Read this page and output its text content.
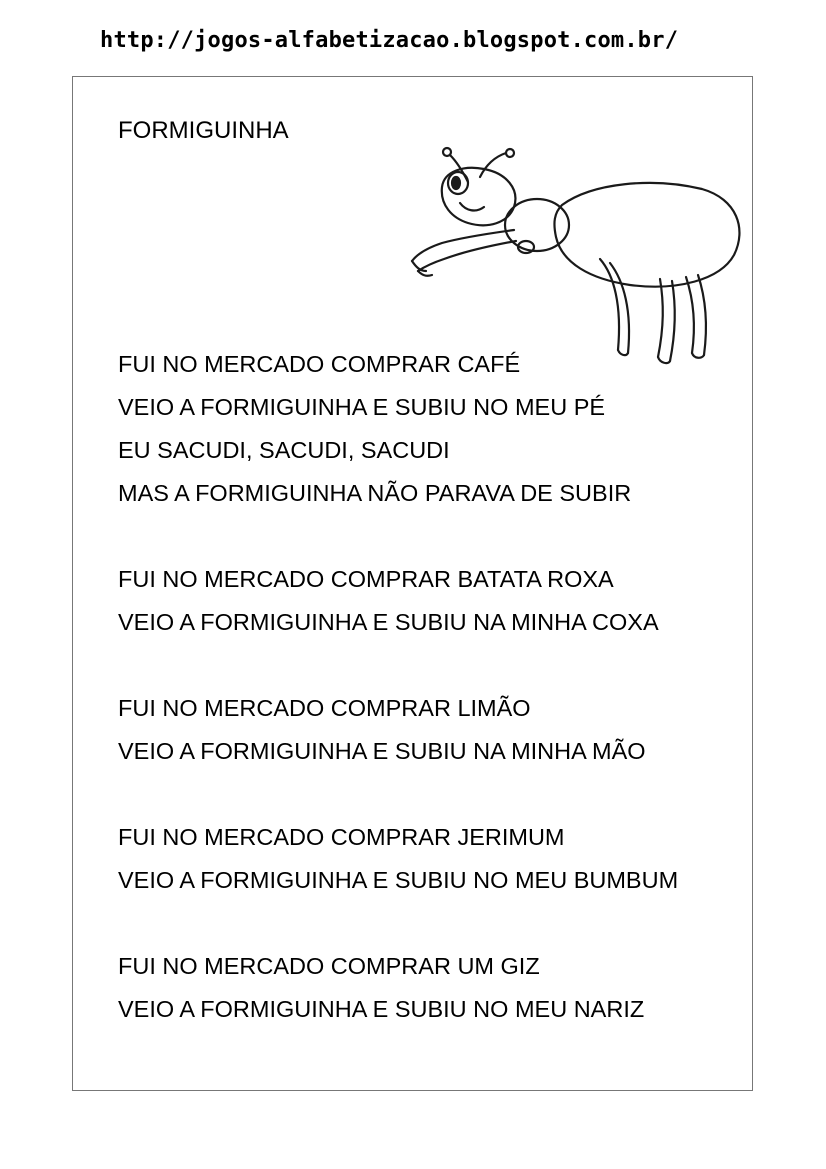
http://jogos-alfabetizacao.blogspot.com.br/
FORMIGUINHA
FUI NO MERCADO COMPRAR CAFÉ
VEIO A FORMIGUINHA E SUBIU NO MEU PÉ
EU SACUDI, SACUDI, SACUDI
MAS A FORMIGUINHA NÃO PARAVA DE SUBIR
FUI NO MERCADO COMPRAR BATATA ROXA
VEIO A FORMIGUINHA E SUBIU NA MINHA COXA
FUI NO MERCADO COMPRAR LIMÃO
VEIO A FORMIGUINHA E SUBIU NA MINHA MÃO
FUI NO MERCADO COMPRAR JERIMUM
VEIO A FORMIGUINHA E SUBIU NO MEU BUMBUM
FUI NO MERCADO COMPRAR UM GIZ
VEIO A FORMIGUINHA E SUBIU NO MEU NARIZ
